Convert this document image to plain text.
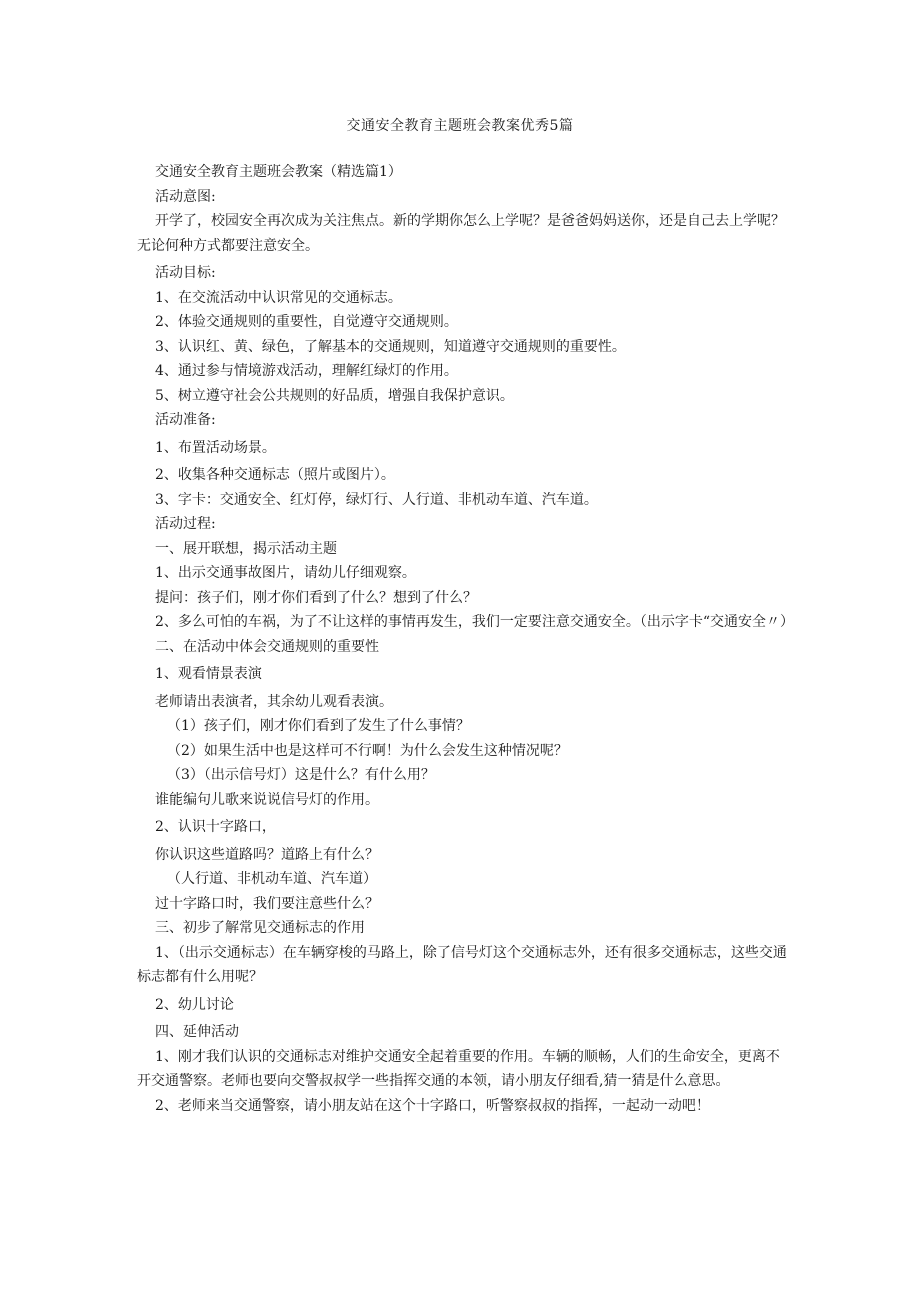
交通安全教育主题班会教案优秀5篇

交通安全教育主题班会教案（精选篇1）

活动意图:

开学了，校园安全再次成为关注焦点。新的学期你怎么上学呢？是爸爸妈妈送你，还是自己去上学呢？无论何种方式都要注意安全。

活动目标:

1、在交流活动中认识常见的交通标志。

2、体验交通规则的重要性，自觉遵守交通规则。

3、认识红、黄、绿色，了解基本的交通规则，知道遵守交通规则的重要性。

4、通过参与情境游戏活动，理解红绿灯的作用。

5、树立遵守社会公共规则的好品质，增强自我保护意识。

活动准备:

1、布置活动场景。

2、收集各种交通标志（照片或图片）。

3、字卡：交通安全、红灯停，绿灯行、人行道、非机动车道、汽车道。

活动过程:

一、展开联想，揭示活动主题

1、出示交通事故图片，请幼儿仔细观察。

提问：孩子们，刚才你们看到了什么？想到了什么？

2、多么可怕的车祸，为了不让这样的事情再发生，我们一定要注意交通安全。（出示字卡“交通安全〃）

二、在活动中体会交通规则的重要性

1、观看情景表演

老师请出表演者，其余幼儿观看表演。

（1）孩子们，刚才你们看到了发生了什么事情？

（2）如果生活中也是这样可不行啊！为什么会发生这种情况呢？

（3）（出示信号灯）这是什么？有什么用？

谁能编句儿歌来说说信号灯的作用。

2、认识十字路口，

你认识这些道路吗？道路上有什么？

（人行道、非机动车道、汽车道）

过十字路口时，我们要注意些什么？

三、初步了解常见交通标志的作用

1、（出示交通标志）在车辆穿梭的马路上，除了信号灯这个交通标志外，还有很多交通标志，这些交通标志都有什么用呢？

2、幼儿讨论

四、延伸活动

1、刚才我们认识的交通标志对维护交通安全起着重要的作用。车辆的顺畅，人们的生命安全，更离不开交通警察。老师也要向交警叔叔学一些指挥交通的本领，请小朋友仔细看,猜一猜是什么意思。

2、老师来当交通警察，请小朋友站在这个十字路口，听警察叔叔的指挥，一起动一动吧！
